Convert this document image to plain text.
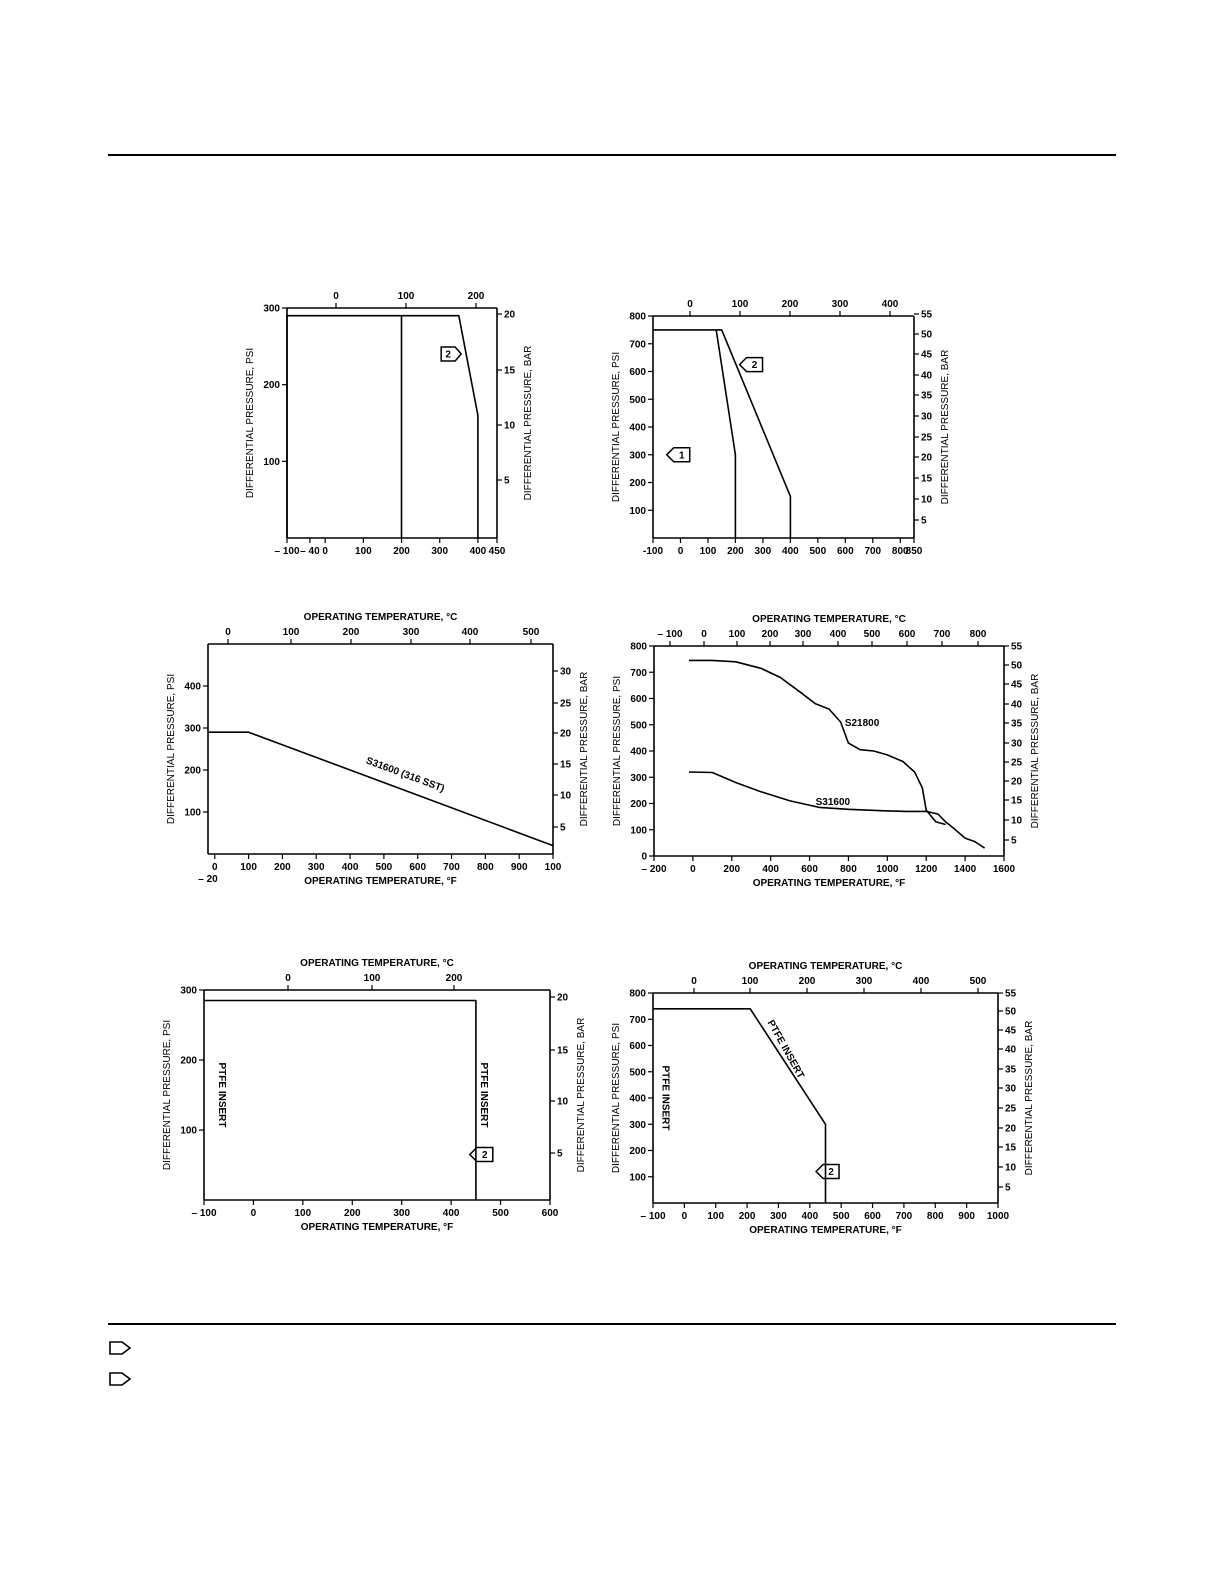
– 100 – 40 0	100 200 300 400 450
0	100	200
100
200
300
DIFFERENTIAL PRESSURE, PSI	5
10
15
20
DIFFERENTIAL PRESSURE, BAR
2
-100 0 100 200 300 400 500 600 700 800
850
0	100	200	300	400
100
200
300
400
500
600
700
800
DIFFERENTIAL PRESSURE, PSI
5
10
15
20
25
30
35
40
45
50
55
DIFFERENTIAL PRESSURE, BAR
2
1
0 100 200 300 400 500 600 700 800 900 100
– 20	OPERATING TEMPERATURE, °F
0	100	200	300	400	500
OPERATING TEMPERATURE, °C
100
200
300
400
DIFFERENTIAL PRESSURE, PSI
5
10
15
20
25
30 DIFFERENTIAL PRESSURE, BAR
S31600 (316 SST)
– 200 0	200 400 600 800 1000 1200 1400 1600
OPERATING TEMPERATURE, °F
– 100 0 100 200 300 400 500 600 700 800
OPERATING TEMPERATURE, °C
0
100
200
300
400
500
600
700
800
DIFFERENTIAL PRESSURE, PSI
5
10
15
20
25
30
35
40
45
50
55
DIFFERENTIAL PRESSURE, BAR
S21800
S31600
– 100	0	100	200	300	400	500	600
OPERATING TEMPERATURE, °F
0	100	200
OPERATING TEMPERATURE, °C
100
200
300
DIFFERENTIAL PRESSURE, PSI	5
10
15
20
DIFFERENTIAL PRESSURE, BAR
PTFE INSERT	PTFE INSERT
2
– 100 0 100 200 300 400 500 600 700 800 900 1000
OPERATING TEMPERATURE, °F
0	100	200	300	400	500
OPERATING TEMPERATURE, °C
100
200
300
400
500
600
700
800
DIFFERENTIAL PRESSURE, PSI
5
10
15
20
25
30
35
40
45
50
55
DIFFERENTIAL PRESSURE, BAR
PTFE INSERT
PTFE INSERT
2
